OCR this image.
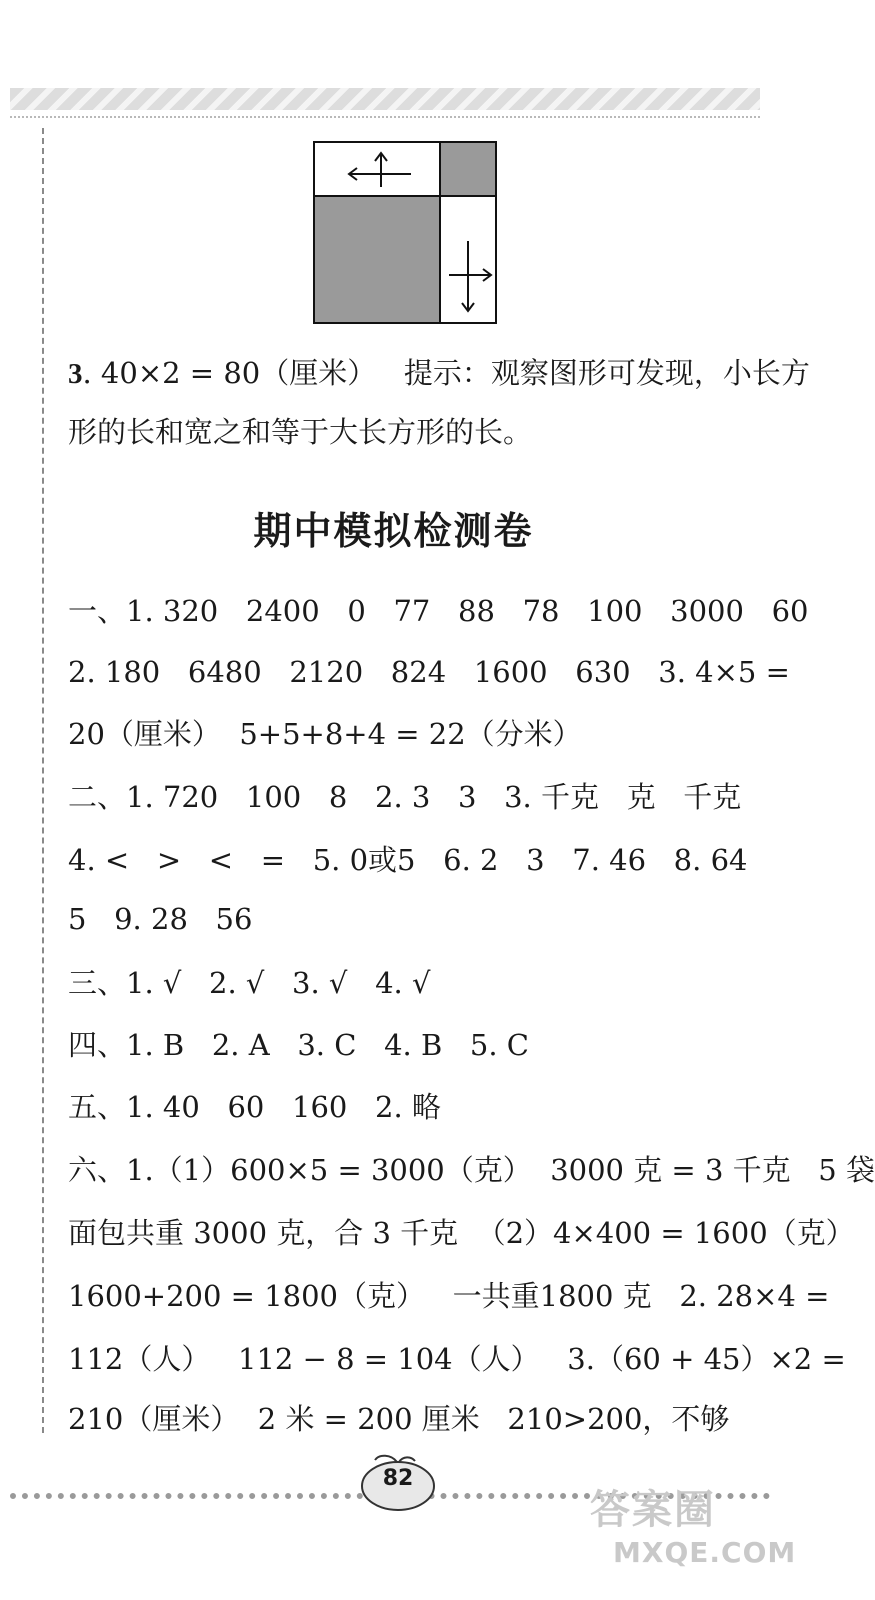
3. 40×2 = 80（厘米）   提示：观察图形可发现，小长方
形的长和宽之和等于大长方形的长。
期中模拟检测卷
一、1. 320   2400   0   77   88   78   100   3000   60
2. 180   6480   2120   824   1600   630   3. 4×5 =
20（厘米）  5+5+8+4 = 22（分米）
二、1. 720   100   8   2. 3   3   3. 千克   克   千克
4. <   >   <   =   5. 0或5   6. 2   3   7. 46   8. 64
5   9. 28   56
三、1. √   2. √   3. √   4. √
四、1. B   2. A   3. C   4. B   5. C
五、1. 40   60   160   2. 略
六、1.（1）600×5 = 3000（克）  3000 克 = 3 千克   5 袋
面包共重 3000 克，合 3 千克  （2）4×400 = 1600（克）
1600+200 = 1800（克）   一共重1800 克   2. 28×4 =
112（人）   112 − 8 = 104（人）   3.（60 + 45）×2 =
210（厘米）  2 米 = 200 厘米   210>200，不够
82
答案圈
MXQE.COM
